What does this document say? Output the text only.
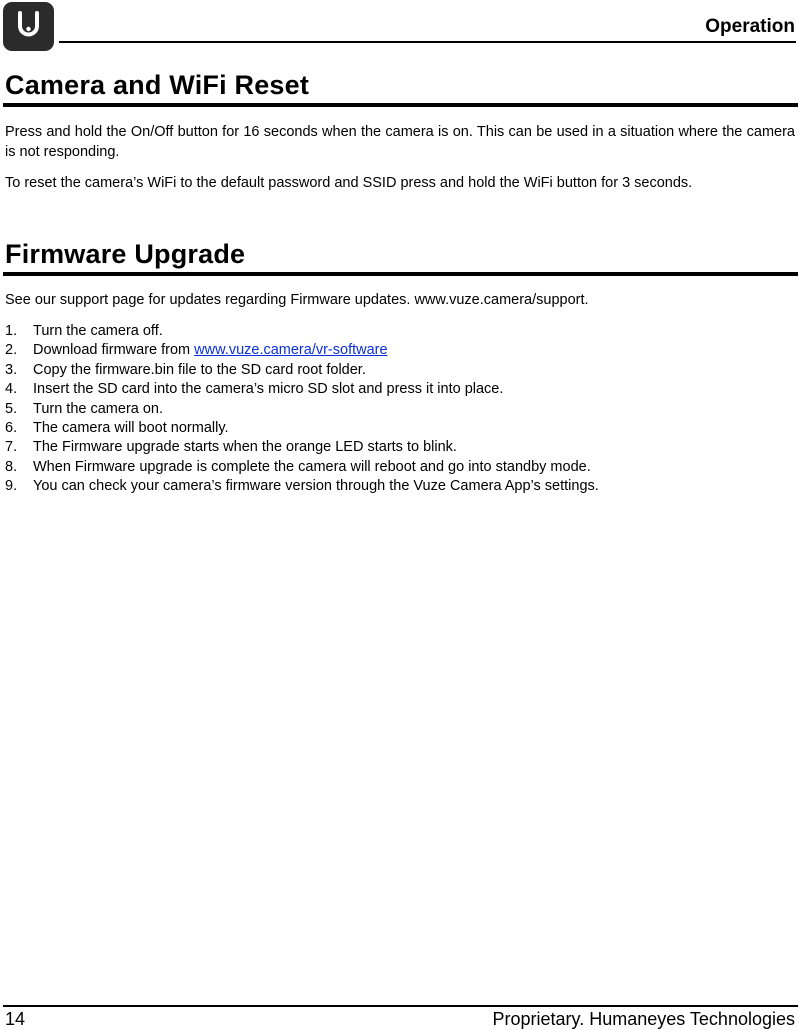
Operation
Camera and WiFi Reset
Press and hold the On/Off button for 16 seconds when the camera is on. This can be used in a situation where the camera is not responding.
To reset the camera’s WiFi to the default password and SSID press and hold the WiFi button for 3 seconds.
Firmware Upgrade
See our support page for updates regarding Firmware updates. www.vuze.camera/support.
1. Turn the camera off.
2. Download firmware from www.vuze.camera/vr-software
3. Copy the firmware.bin file to the SD card root folder.
4. Insert the SD card into the camera’s micro SD slot and press it into place.
5. Turn the camera on.
6. The camera will boot normally.
7. The Firmware upgrade starts when the orange LED starts to blink.
8. When Firmware upgrade is complete the camera will reboot and go into standby mode.
9. You can check your camera’s firmware version through the Vuze Camera App’s settings.
14	Proprietary. Humaneyes Technologies
